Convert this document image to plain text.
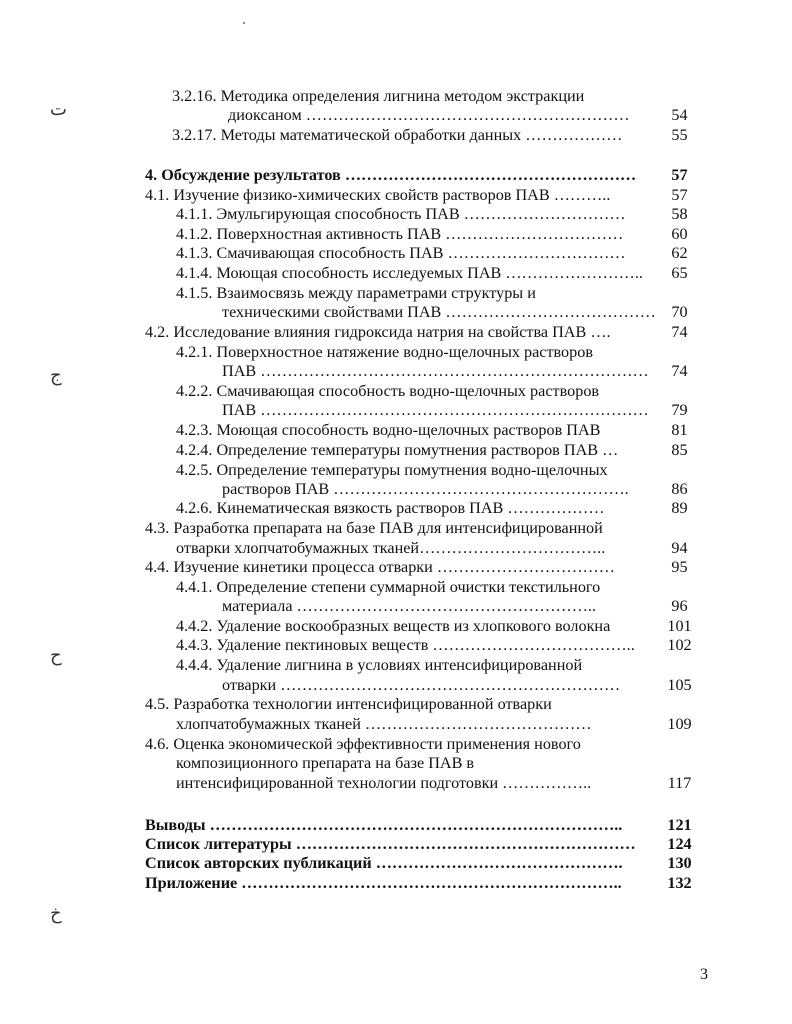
3.2.16. Методика определения лигнина методом экстракции
диоксаном ……………………………………………………	54
3.2.17. Методы математической обработки данных ………………	55
4. Обсуждение результатов ………………………………………………	57
4.1. Изучение физико-химических свойств растворов ПАВ ………..	57
4.1.1. Эмульгирующая способность ПАВ …………………………	58
4.1.2. Поверхностная активность ПАВ ……………………………	60
4.1.3. Смачивающая способность ПАВ ……………………………	62
4.1.4. Моющая способность исследуемых ПАВ ……………………..	65
4.1.5. Взаимосвязь между параметрами структуры и
техническими свойствами ПАВ ………………………………… 70
4.2. Исследование влияния гидроксида натрия на свойства ПАВ ….	74
4.2.1. Поверхностное натяжение водно-щелочных растворов
ПАВ ………………………………………………………………	74
4.2.2. Смачивающая способность водно-щелочных растворов
ПАВ ………………………………………………………………	79
4.2.3. Моющая способность водно-щелочных растворов ПАВ	81
4.2.4. Определение температуры помутнения растворов ПАВ …	85
4.2.5. Определение температуры помутнения водно-щелочных
растворов ПАВ ……………………………………………….	86
4.2.6. Кинематическая вязкость растворов ПАВ ………………	89
4.3. Разработка препарата на базе ПАВ для интенсифицированной
отварки хлопчатобумажных тканей……………………………..	94
4.4. Изучение кинетики процесса отварки ……………………………	95
4.4.1. Определение степени суммарной очистки текстильного
материала ………………………………………………..	96
4.4.2. Удаление воскообразных веществ из хлопкового волокна	101
4.4.3. Удаление пектиновых веществ ………………………………..	102
4.4.4. Удаление лигнина в условиях интенсифицированной
отварки ………………………………………………………	105
4.5. Разработка технологии интенсифицированной отварки
хлопчатобумажных тканей ……………………………………	109
4.6. Оценка экономической эффективности применения нового
композиционного препарата на базе ПАВ в
интенсифицированной технологии подготовки ……………..	117
Выводы …………………………………………………………………..	121
Список литературы ………………………………………………………	124
Список авторских публикаций ……………………………………….	130
Приложение ……………………………………………………………..	132
ت
ج
ح
خ
3
